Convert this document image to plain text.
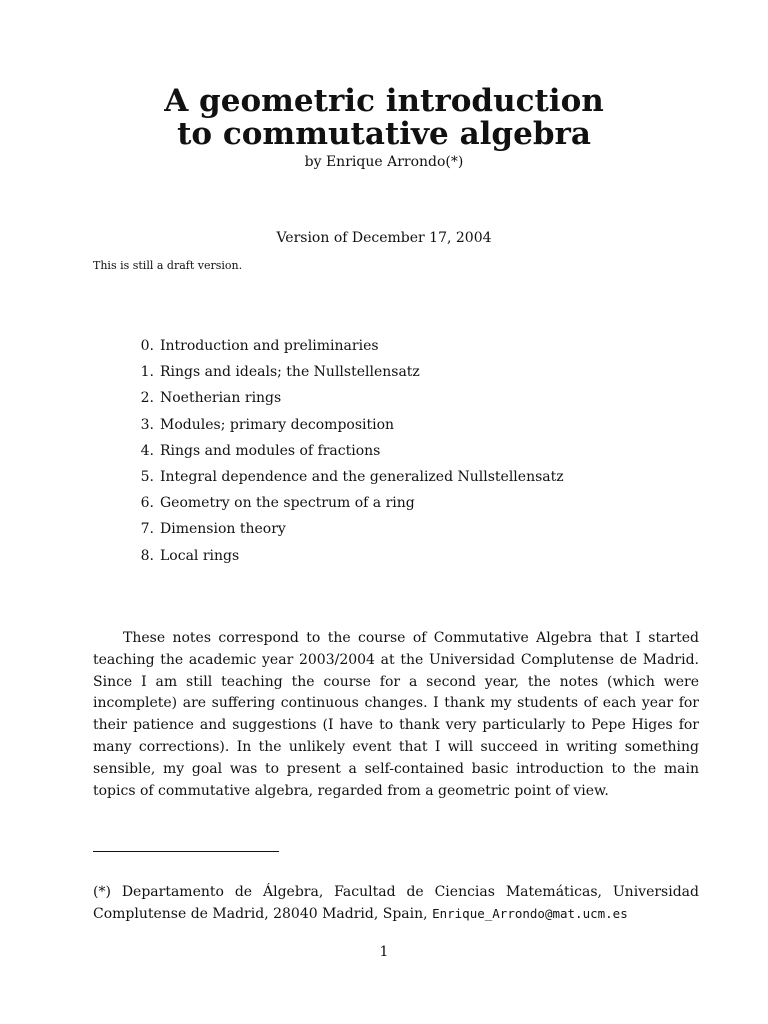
A geometric introduction
to commutative algebra
by Enrique Arrondo(*)
Version of December 17, 2004
This is still a draft version.
0. Introduction and preliminaries
1. Rings and ideals; the Nullstellensatz
2. Noetherian rings
3. Modules; primary decomposition
4. Rings and modules of fractions
5. Integral dependence and the generalized Nullstellensatz
6. Geometry on the spectrum of a ring
7. Dimension theory
8. Local rings

These notes correspond to the course of Commutative Algebra that I started teaching the academic year 2003/2004 at the Universidad Complutense de Madrid. Since I am still teaching the course for a second year, the notes (which were incomplete) are suffering continuous changes. I thank my students of each year for their patience and suggestions (I have to thank very particularly to Pepe Higes for many corrections). In the unlikely event that I will succeed in writing something sensible, my goal was to present a self-contained basic introduction to the main topics of commutative algebra, regarded from a geometric point of view.

(*) Departamento de Álgebra, Facultad de Ciencias Matemáticas, Universidad Complutense de Madrid, 28040 Madrid, Spain, Enrique_Arrondo@mat.ucm.es

1
